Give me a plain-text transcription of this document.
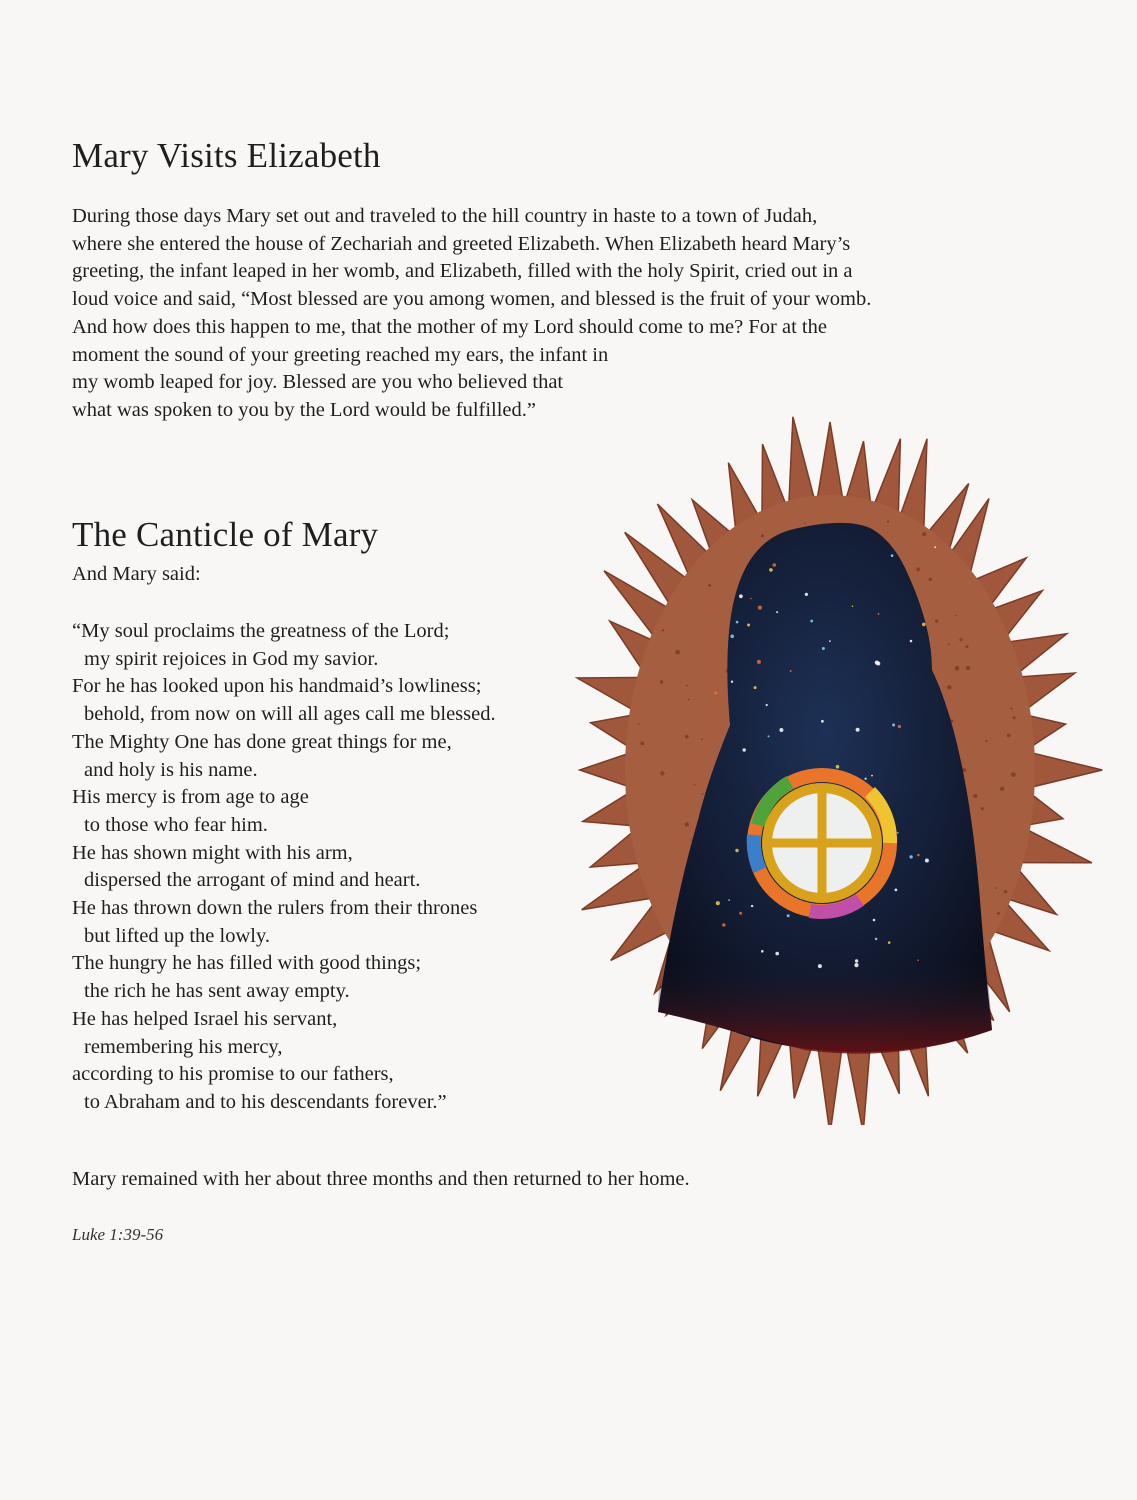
Mary Visits Elizabeth

During those days Mary set out and traveled to the hill country in haste to a town of Judah,
where she entered the house of Zechariah and greeted Elizabeth. When Elizabeth heard Mary’s
greeting, the infant leaped in her womb, and Elizabeth, filled with the holy Spirit, cried out in a
loud voice and said, “Most blessed are you among women, and blessed is the fruit of your womb.
And how does this happen to me, that the mother of my Lord should come to me? For at the
moment the sound of your greeting reached my ears, the infant in
my womb leaped for joy. Blessed are you who believed that
what was spoken to you by the Lord would be fulfilled.”

The Canticle of Mary

And Mary said:

“My soul proclaims the greatness of the Lord;
my spirit rejoices in God my savior.
For he has looked upon his handmaid’s lowliness;
behold, from now on will all ages call me blessed.
The Mighty One has done great things for me,
and holy is his name.
His mercy is from age to age
to those who fear him.
He has shown might with his arm,
dispersed the arrogant of mind and heart.
He has thrown down the rulers from their thrones
but lifted up the lowly.
The hungry he has filled with good things;
the rich he has sent away empty.
He has helped Israel his servant,
remembering his mercy,
according to his promise to our fathers,
to Abraham and to his descendants forever.”

Mary remained with her about three months and then returned to her home.

Luke 1:39-56
